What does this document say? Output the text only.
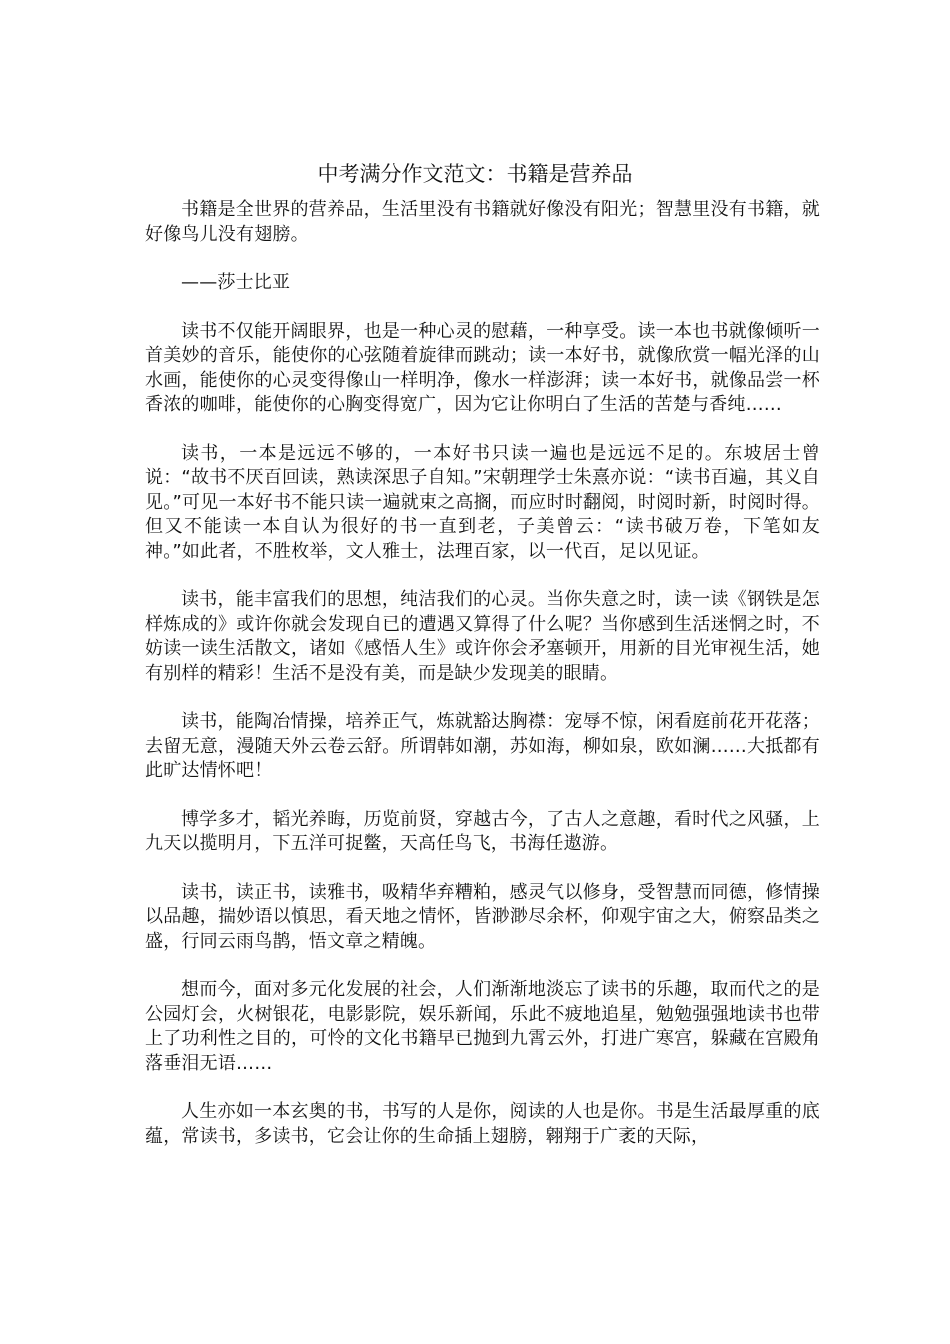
中考满分作文范文：书籍是营养品

书籍是全世界的营养品，生活里没有书籍就好像没有阳光；智慧里没有书籍，就好像鸟儿没有翅膀。

——莎士比亚

读书不仅能开阔眼界，也是一种心灵的慰藉，一种享受。读一本也书就像倾听一首美妙的音乐，能使你的心弦随着旋律而跳动；读一本好书，就像欣赏一幅光泽的山水画，能使你的心灵变得像山一样明净，像水一样澎湃；读一本好书，就像品尝一杯香浓的咖啡，能使你的心胸变得宽广，因为它让你明白了生活的苦楚与香纯……

读书，一本是远远不够的，一本好书只读一遍也是远远不足的。东坡居士曾说：“故书不厌百回读，熟读深思子自知。”宋朝理学士朱熹亦说：“读书百遍，其义自见。”可见一本好书不能只读一遍就束之高搁，而应时时翻阅，时阅时新，时阅时得。但又不能读一本自认为很好的书一直到老，子美曾云：“读书破万卷，下笔如友神。”如此者，不胜枚举，文人雅士，法理百家，以一代百，足以见证。

读书，能丰富我们的思想，纯洁我们的心灵。当你失意之时，读一读《钢铁是怎样炼成的》或许你就会发现自已的遭遇又算得了什么呢？当你感到生活迷惘之时，不妨读一读生活散文，诸如《感悟人生》或许你会矛塞顿开，用新的目光审视生活，她有别样的精彩！生活不是没有美，而是缺少发现美的眼睛。

读书，能陶冶情操，培养正气，炼就豁达胸襟：宠辱不惊，闲看庭前花开花落；去留无意，漫随天外云卷云舒。所谓韩如潮，苏如海，柳如泉，欧如澜……大抵都有此旷达情怀吧！

博学多才，韬光养晦，历览前贤，穿越古今，了古人之意趣，看时代之风骚，上九天以揽明月，下五洋可捉鳖，天高任鸟飞，书海任遨游。

读书，读正书，读雅书，吸精华弃糟粕，感灵气以修身，受智慧而同德，修情操以品趣，揣妙语以慎思，看天地之情怀，皆渺渺尽余杯，仰观宇宙之大，俯察品类之盛，行同云雨鸟鹊，悟文章之精魄。

想而今，面对多元化发展的社会，人们渐渐地淡忘了读书的乐趣，取而代之的是公园灯会，火树银花，电影影院，娱乐新闻，乐此不疲地追星，勉勉强强地读书也带上了功利性之目的，可怜的文化书籍早已抛到九霄云外，打进广寒宫，躲藏在宫殿角落垂泪无语……

人生亦如一本玄奥的书，书写的人是你，阅读的人也是你。书是生活最厚重的底蕴，常读书，多读书，它会让你的生命插上翅膀，翱翔于广袤的天际，
